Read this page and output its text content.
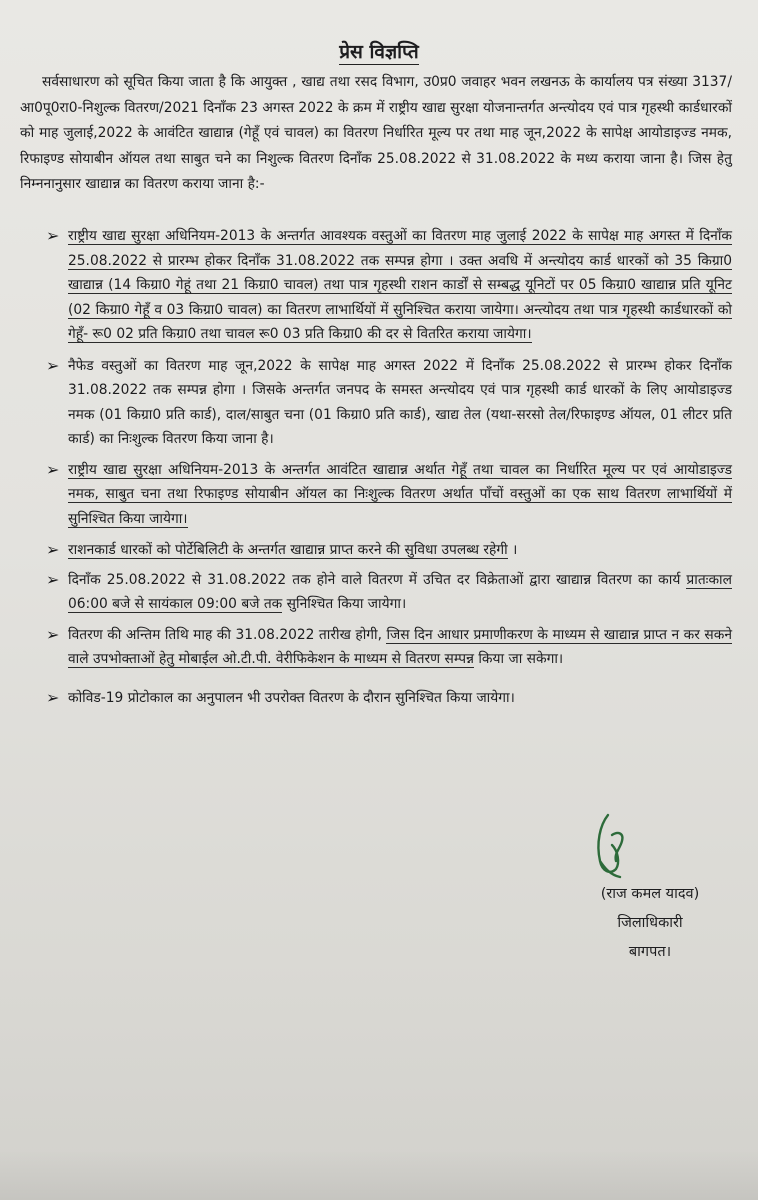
प्रेस विज्ञप्ति
सर्वसाधारण को सूचित किया जाता है कि आयुक्त , खाद्य तथा रसद विभाग, उ0प्र0 जवाहर भवन लखनऊ के कार्यालय पत्र संख्या 3137/आ0पू0रा0-निशुल्क वितरण/2021 दिनाँक 23 अगस्त 2022 के क्रम में राष्ट्रीय खाद्य सुरक्षा योजनान्तर्गत अन्त्योदय एवं पात्र गृहस्थी कार्डधारकों को माह जुलाई,2022 के आवंटित खाद्यान्न (गेहूँ एवं चावल) का वितरण निर्धारित मूल्य पर तथा माह जून,2022 के सापेक्ष आयोडाइज्ड नमक, रिफाइण्ड सोयाबीन ऑयल तथा साबुत चने का निशुल्क वितरण दिनाँक 25.08.2022 से 31.08.2022 के मध्य कराया जाना है। जिस हेतु निम्ननानुसार खाद्यान्न का वितरण कराया जाना है:-
➢ राष्ट्रीय खाद्य सुरक्षा अधिनियम-2013 के अन्तर्गत आवश्यक वस्तुओं का वितरण माह जुलाई 2022 के सापेक्ष माह अगस्त में दिनाँक 25.08.2022 से प्रारम्भ होकर दिनाँक 31.08.2022 तक सम्पन्न होगा । उक्त अवधि में अन्त्योदय कार्ड धारकों को 35 किग्रा0 खाद्यान्न (14 किग्रा0 गेहूं तथा 21 किग्रा0 चावल) तथा पात्र गृहस्थी राशन कार्डों से सम्बद्ध यूनिटों पर 05 किग्रा0 खाद्यान्न प्रति यूनिट (02 किग्रा0 गेहूँ व 03 किग्रा0 चावल) का वितरण लाभार्थियों में सुनिश्चित कराया जायेगा। अन्त्योदय तथा पात्र गृहस्थी कार्डधारकों को गेहूँ- रू0 02 प्रति किग्रा0 तथा चावल रू0 03 प्रति किग्रा0 की दर से वितरित कराया जायेगा।
➢ नैफेड वस्तुओं का वितरण माह जून,2022 के सापेक्ष माह अगस्त 2022 में दिनाँक 25.08.2022 से प्रारम्भ होकर दिनाँक 31.08.2022 तक सम्पन्न होगा । जिसके अन्तर्गत जनपद के समस्त अन्त्योदय एवं पात्र गृहस्थी कार्ड धारकों के लिए आयोडाइज्ड नमक (01 किग्रा0 प्रति कार्ड), दाल/साबुत चना (01 किग्रा0 प्रति कार्ड), खाद्य तेल (यथा-सरसो तेल/रिफाइण्ड ऑयल, 01 लीटर प्रति कार्ड) का निःशुल्क वितरण किया जाना है।
➢ राष्ट्रीय खाद्य सुरक्षा अधिनियम-2013 के अन्तर्गत आवंटित खाद्यान्न अर्थात गेहूँ तथा चावल का निर्धारित मूल्य पर एवं आयोडाइज्ड नमक, साबुत चना तथा रिफाइण्ड सोयाबीन ऑयल का निःशुल्क वितरण अर्थात पाँचों वस्तुओं का एक साथ वितरण लाभार्थियों में सुनिश्चित किया जायेगा।
➢ राशनकार्ड धारकों को पोर्टेबिलिटी के अन्तर्गत खाद्यान्न प्राप्त करने की सुविधा उपलब्ध रहेगी ।
➢ दिनाँक 25.08.2022 से 31.08.2022 तक होने वाले वितरण में उचित दर विक्रेताओं द्वारा खाद्यान्न वितरण का कार्य प्रातःकाल 06:00 बजे से सायंकाल 09:00 बजे तक सुनिश्चित किया जायेगा।
➢ वितरण की अन्तिम तिथि माह की 31.08.2022 तारीख होगी, जिस दिन आधार प्रमाणीकरण के माध्यम से खाद्यान्न प्राप्त न कर सकने वाले उपभोक्ताओं हेतु मोबाईल ओ.टी.पी. वेरीफिकेशन के माध्यम से वितरण सम्पन्न किया जा सकेगा।
➢ कोविड-19 प्रोटोकाल का अनुपालन भी उपरोक्त वितरण के दौरान सुनिश्चित किया जायेगा।
(राज कमल यादव)
जिलाधिकारी
बागपत।
